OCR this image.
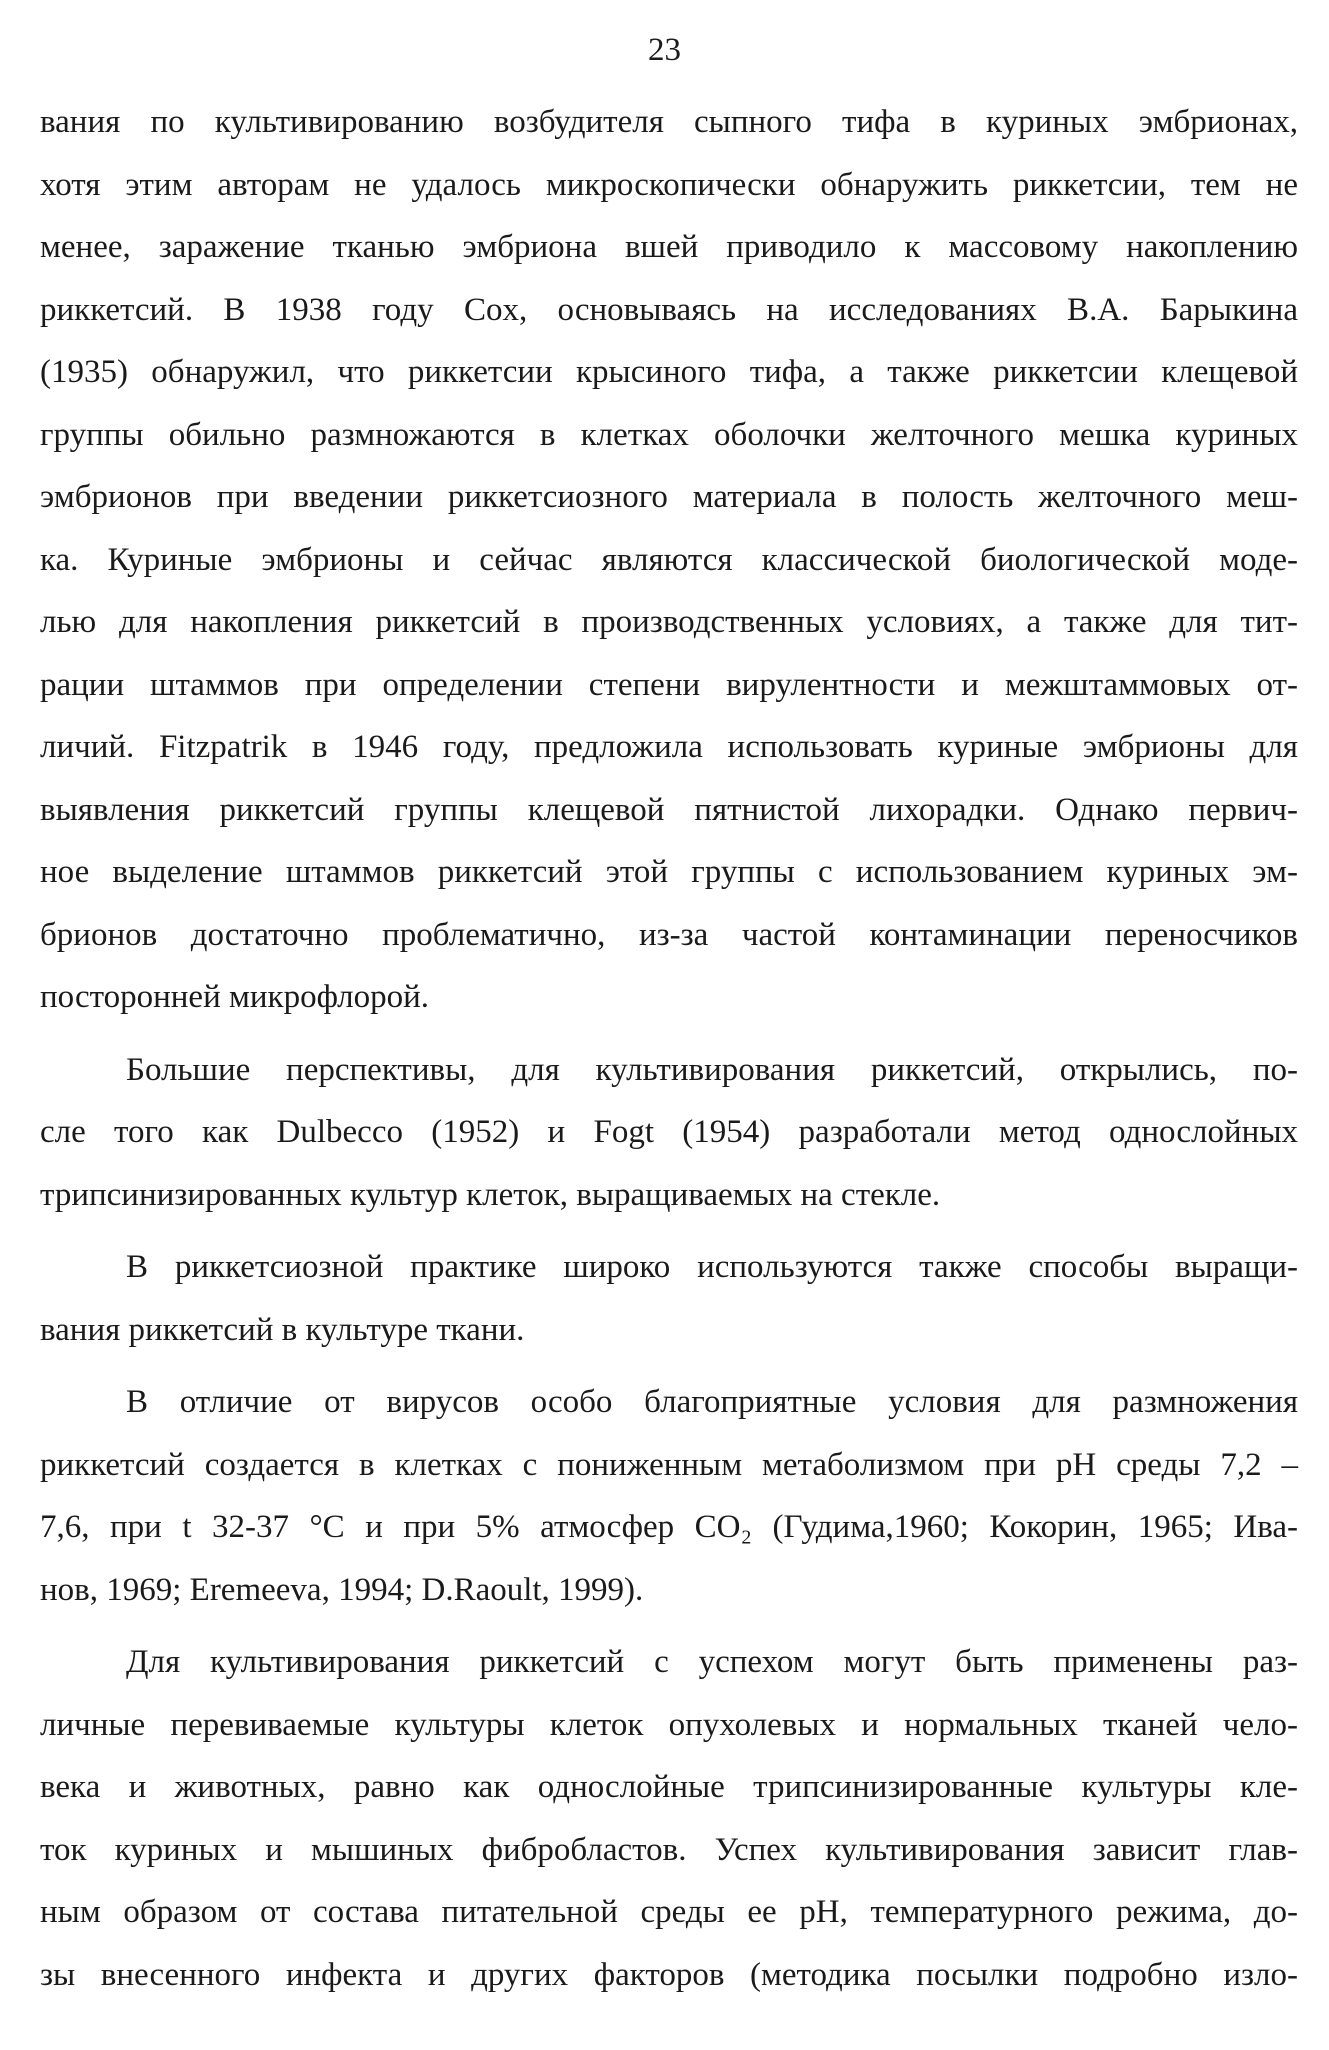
23
вания по культивированию возбудителя сыпного тифа в куриных эмбрионах,
хотя этим авторам не удалось микроскопически обнаружить риккетсии, тем не
менее, заражение тканью эмбриона вшей приводило к массовому накоплению
риккетсий. В 1938 году Cox, основываясь на исследованиях В.А. Барыкина
(1935) обнаружил, что риккетсии крысиного тифа, а также риккетсии клещевой
группы обильно размножаются в клетках оболочки желточного мешка куриных
эмбрионов при введении риккетсиозного материала в полость желточного меш-
ка. Куриные эмбрионы и сейчас являются классической биологической моде-
лью для накопления риккетсий в производственных условиях, а также для тит-
рации штаммов при определении степени вирулентности и межштаммовых от-
личий. Fitzpatrik в 1946 году, предложила использовать куриные эмбрионы для
выявления риккетсий группы клещевой пятнистой лихорадки. Однако первич-
ное выделение штаммов риккетсий этой группы с использованием куриных эм-
брионов достаточно проблематично, из-за частой контаминации переносчиков
посторонней микрофлорой.
Большие перспективы, для культивирования риккетсий, открылись, по-
сле того как Dulbecco (1952) и Fogt (1954) разработали метод однослойных
трипсинизированных культур клеток, выращиваемых на стекле.
В риккетсиозной практике широко используются также способы выращи-
вания риккетсий в культуре ткани.
В отличие от вирусов особо благоприятные условия для размножения
риккетсий создается в клетках с пониженным метаболизмом при pH среды 7,2 –
7,6, при t 32-37 °С и при 5% атмосфер СО₂ (Гудима,1960; Кокорин, 1965; Ива-
нов, 1969; Eremeeva, 1994; D.Raoult, 1999).
Для культивирования риккетсий с успехом могут быть применены раз-
личные перевиваемые культуры клеток опухолевых и нормальных тканей чело-
века и животных, равно как однослойные трипсинизированные культуры кле-
ток куриных и мышиных фибробластов. Успех культивирования зависит глав-
ным образом от состава питательной среды ее pH, температурного режима, до-
зы внесенного инфекта и других факторов (методика посылки подробно изло-
